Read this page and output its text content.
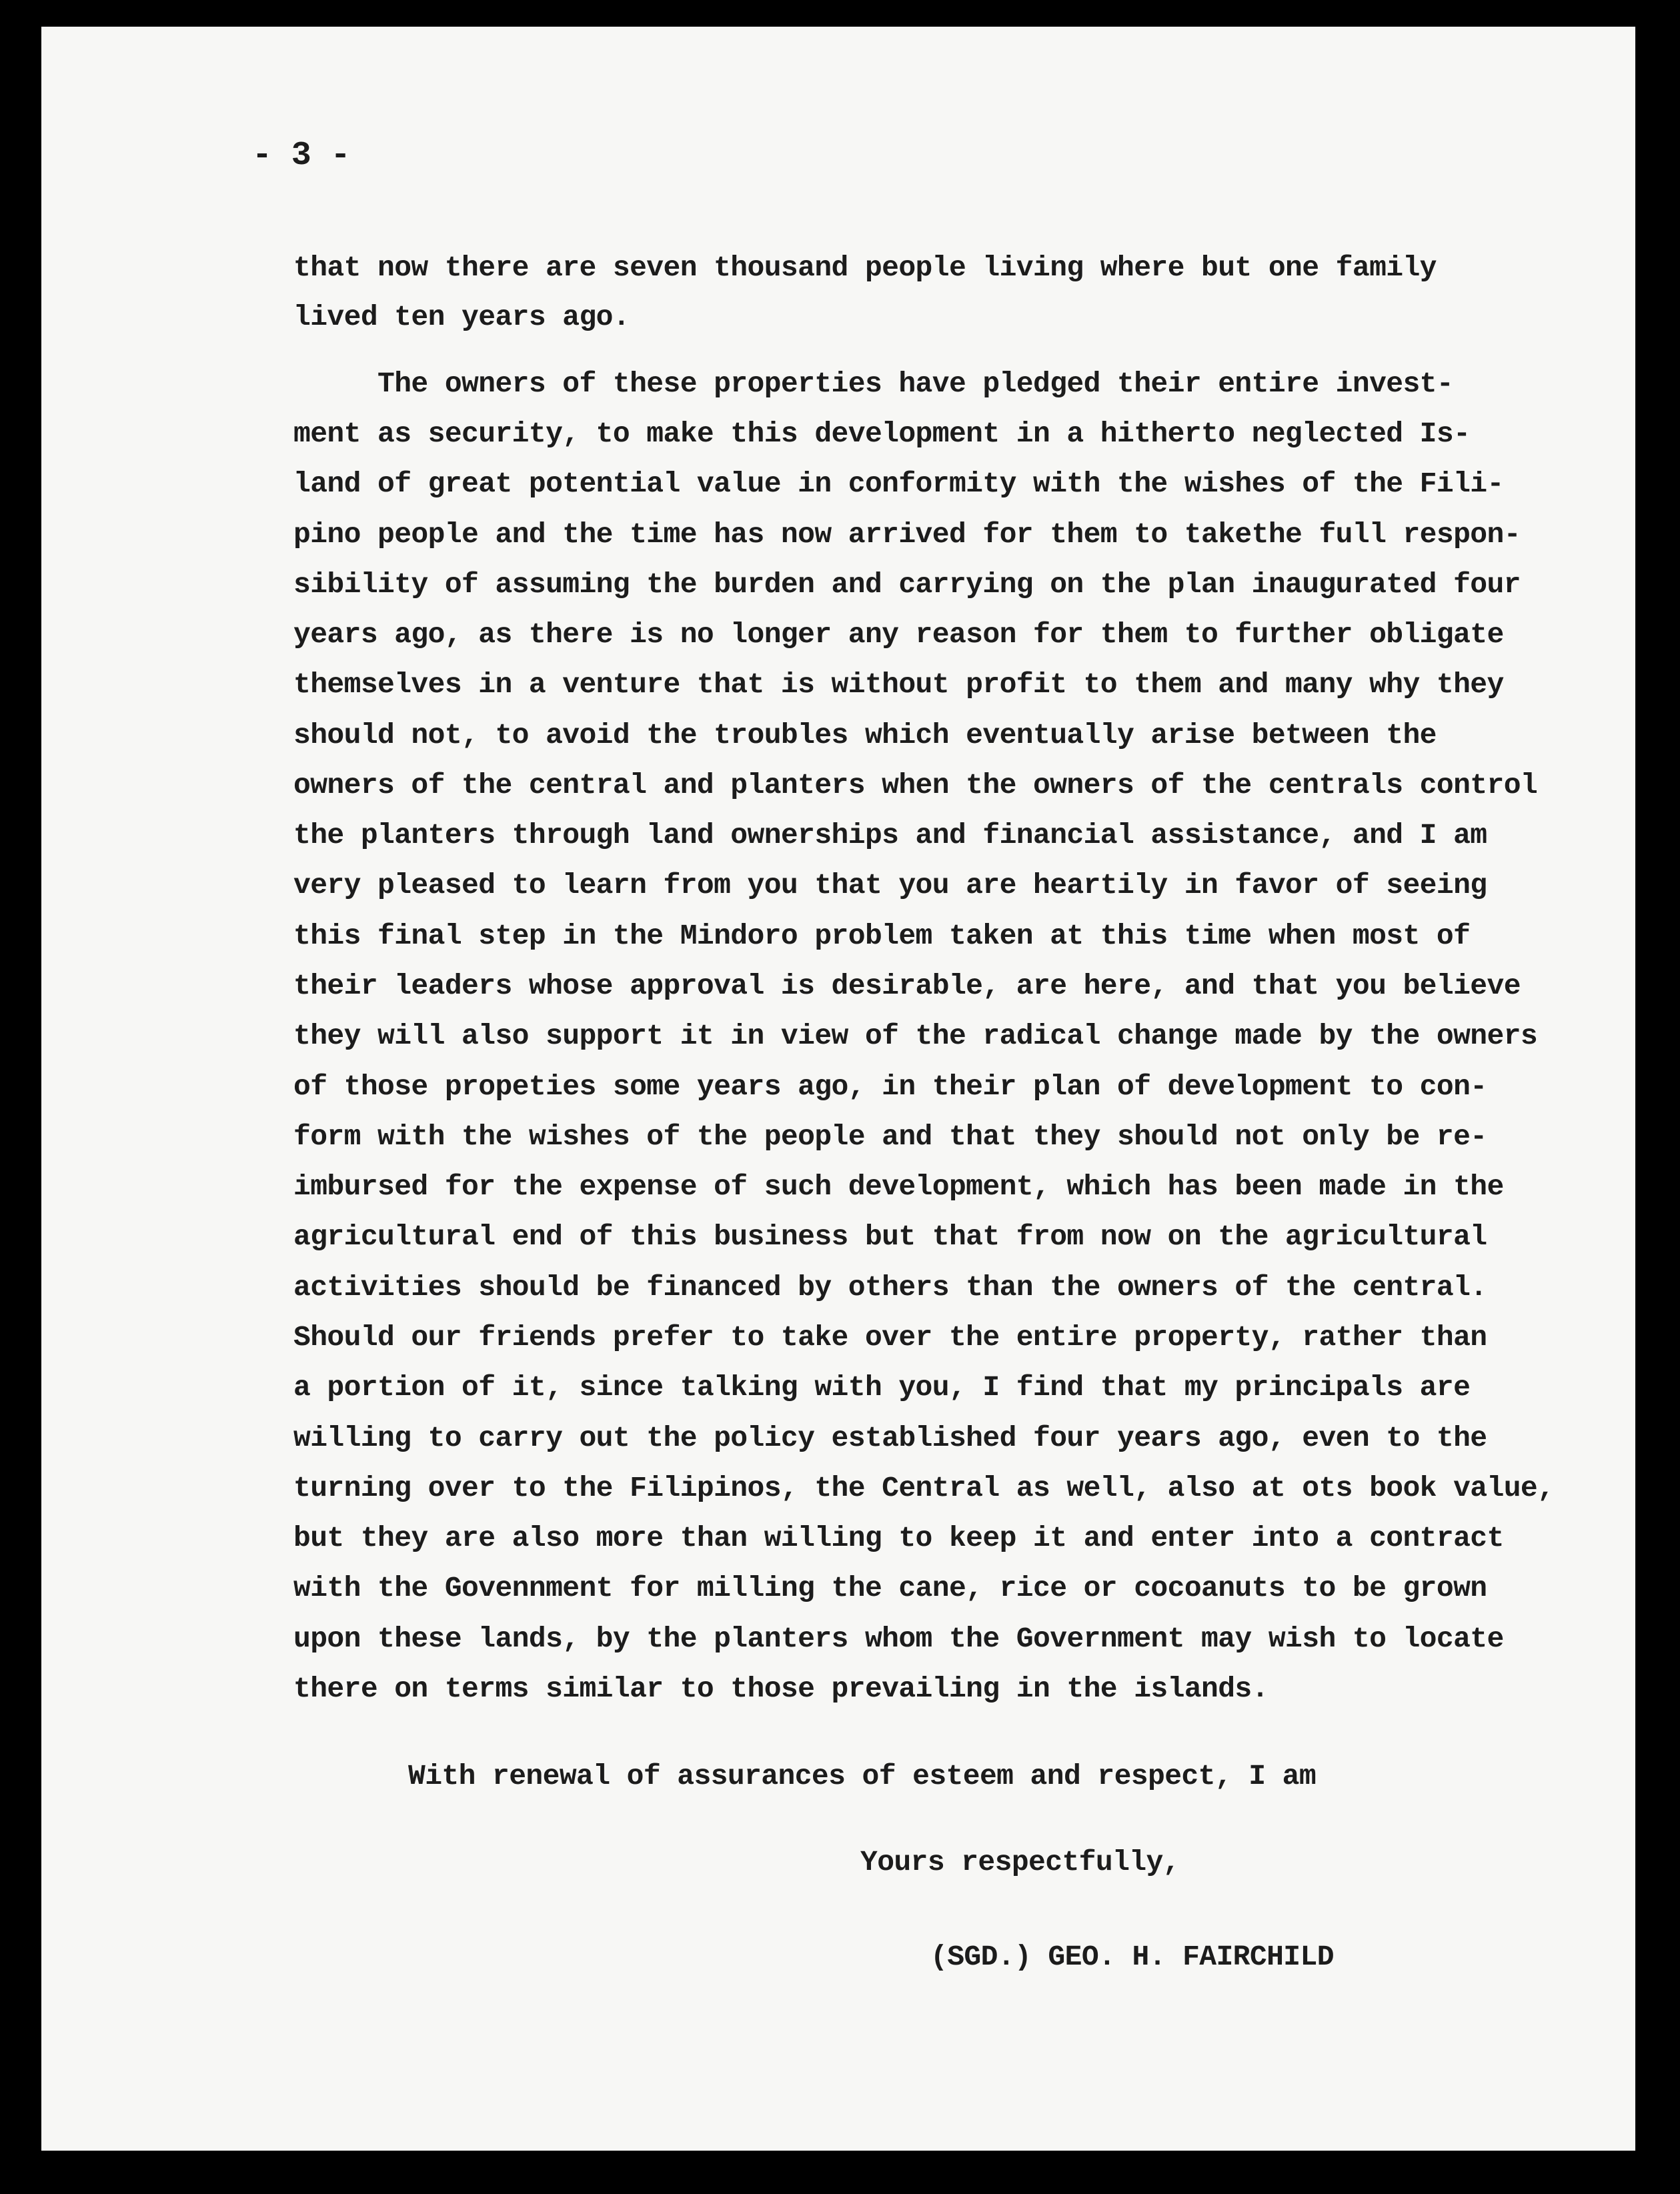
- 3 -
that now there are seven thousand people living where but one family
lived ten years ago.
The owners of these properties have pledged their entire invest-
ment as security, to make this development in a hitherto neglected Is-
land of great potential value in conformity with the wishes of the Fili-
pino people and the time has now arrived for them to takethe full respon-
sibility of assuming the burden and carrying on the plan inaugurated four
years ago, as there is no longer any reason for them to further obligate
themselves in a venture that is without profit to them and many why they
should not, to avoid the troubles which eventually arise between the
owners of the central and planters when the owners of the centrals control
the planters through land ownerships and financial assistance, and I am
very pleased to learn from you that you are heartily in favor of seeing
this final step in the Mindoro problem taken at this time when most of
their leaders whose approval is desirable, are here, and that you believe
they will also support it in view of the radical change made by the owners
of those propeties some years ago, in their plan of development to con-
form with the wishes of the people and that they should not only be re-
imbursed for the expense of such development, which has been made in the
agricultural end of this business but that from now on the agricultural
activities should be financed by others than the owners of the central.
Should our friends prefer to take over the entire property, rather than
a portion of it, since talking with you, I find that my principals are
willing to carry out the policy established four years ago, even to the
turning over to the Filipinos, the Central as well, also at ots book value,
but they are also more than willing to keep it and enter into a contract
with the Govennment for milling the cane, rice or cocoanuts to be grown
upon these lands, by the planters whom the Government may wish to locate
there on terms similar to those prevailing in the islands.
With renewal of assurances of esteem and respect, I am
Yours respectfully,
(SGD.) GEO. H. FAIRCHILD
